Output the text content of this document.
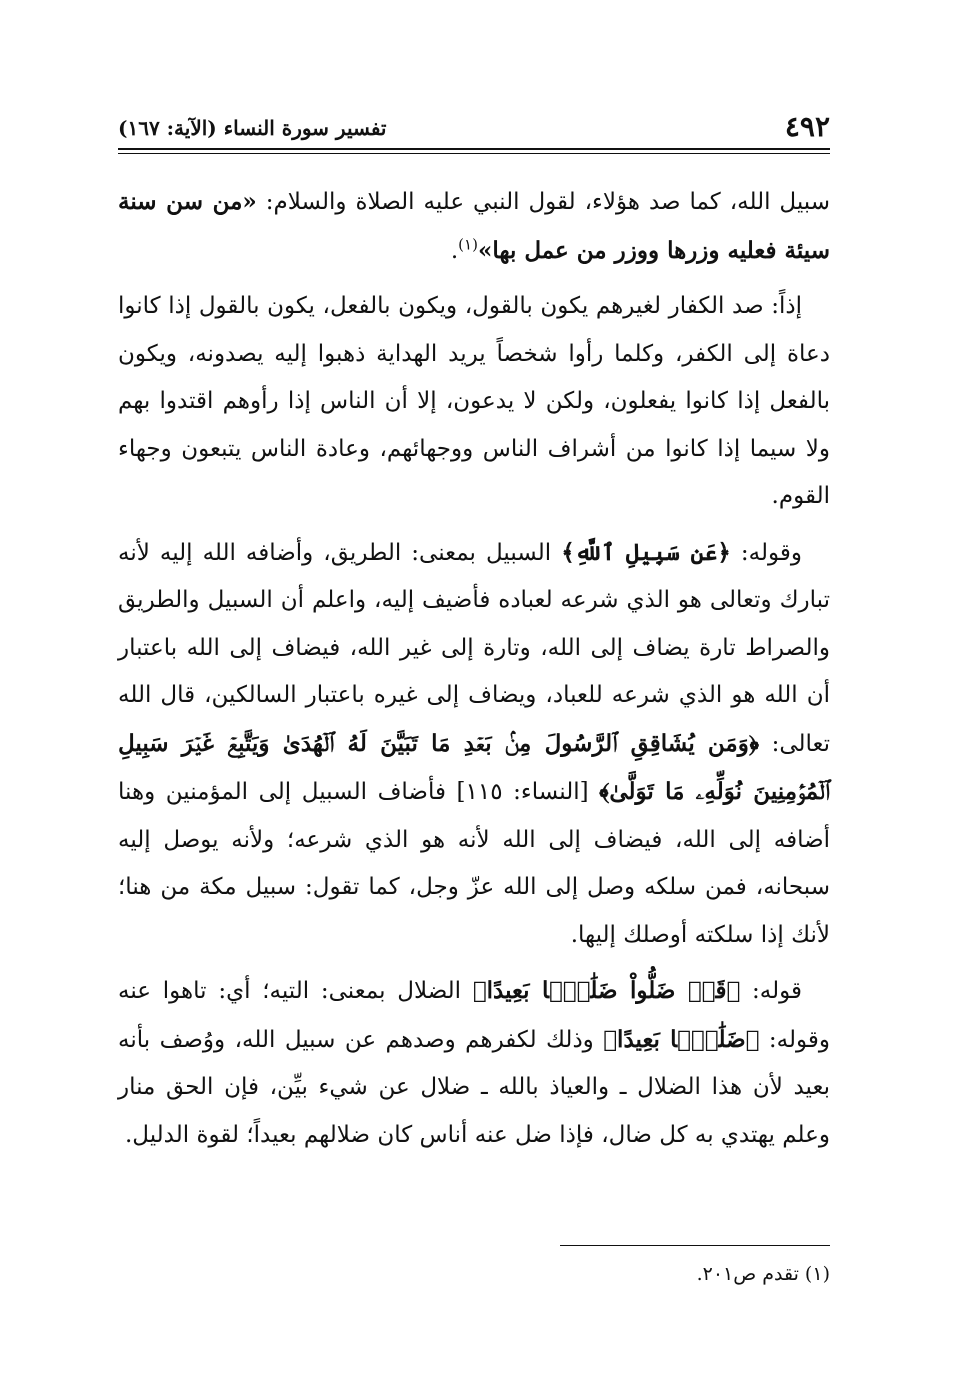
٤٩٢
تفسير سورة النساء (الآية: ١٦٧)

سبيل الله، كما صد هؤلاء، لقول النبي عليه الصلاة والسلام: «من سن سنة سيئة فعليه وزرها ووزر من عمل بها»$^{(١)}$.

إذاً: صد الكفار لغيرهم يكون بالقول، ويكون بالفعل، يكون بالقول إذا كانوا دعاة إلى الكفر، وكلما رأوا شخصاً يريد الهداية ذهبوا إليه يصدونه، ويكون بالفعل إذا كانوا يفعلون، ولكن لا يدعون، إلا أن الناس إذا رأوهم اقتدوا بهم ولا سيما إذا كانوا من أشراف الناس ووجهائهم، وعادة الناس يتبعون وجهاء القوم.

وقوله: ﴿عَن سَبِيلِ ٱللَّهِ﴾ السبيل بمعنى: الطريق، وأضافه الله إليه لأنه تبارك وتعالى هو الذي شرعه لعباده فأضيف إليه، واعلم أن السبيل والطريق والصراط تارة يضاف إلى الله، وتارة إلى غير الله، فيضاف إلى الله باعتبار أن الله هو الذي شرعه للعباد، ويضاف إلى غيره باعتبار السالكين، قال الله تعالى: ﴿وَمَن يُشَاقِقِ ٱلرَّسُولَ مِنۢ بَعۡدِ مَا تَبَيَّنَ لَهُ ٱلۡهُدَىٰ وَيَتَّبِعۡ غَيۡرَ سَبِيلِ ٱلۡمُؤۡمِنِينَ نُوَلِّهِۦ مَا تَوَلَّىٰ﴾ [النساء: ١١٥] فأضاف السبيل إلى المؤمنين وهنا أضافه إلى الله، فيضاف إلى الله لأنه هو الذي شرعه؛ ولأنه يوصل إليه سبحانه، فمن سلكه وصل إلى الله عزّ وجل، كما تقول: سبيل مكة من هنا؛ لأنك إذا سلكته أوصلك إليها.

قوله: ﴿قَدۡ ضَلُّواْ ضَلَٰلَۢا بَعِيدًا﴾ الضلال بمعنى: التيه؛ أي: تاهوا عنه وقوله: ﴿ضَلَٰلَۢا بَعِيدًا﴾ وذلك لكفرهم وصدهم عن سبيل الله، ووُصف بأنه بعيد لأن هذا الضلال ـ والعياذ بالله ـ ضلال عن شيء بيِّن، فإن الحق منار وعلم يهتدي به كل ضال، فإذا ضل عنه أناس كان ضلالهم بعيداً؛ لقوة الدليل.

(١) تقدم ص٢٠١.
